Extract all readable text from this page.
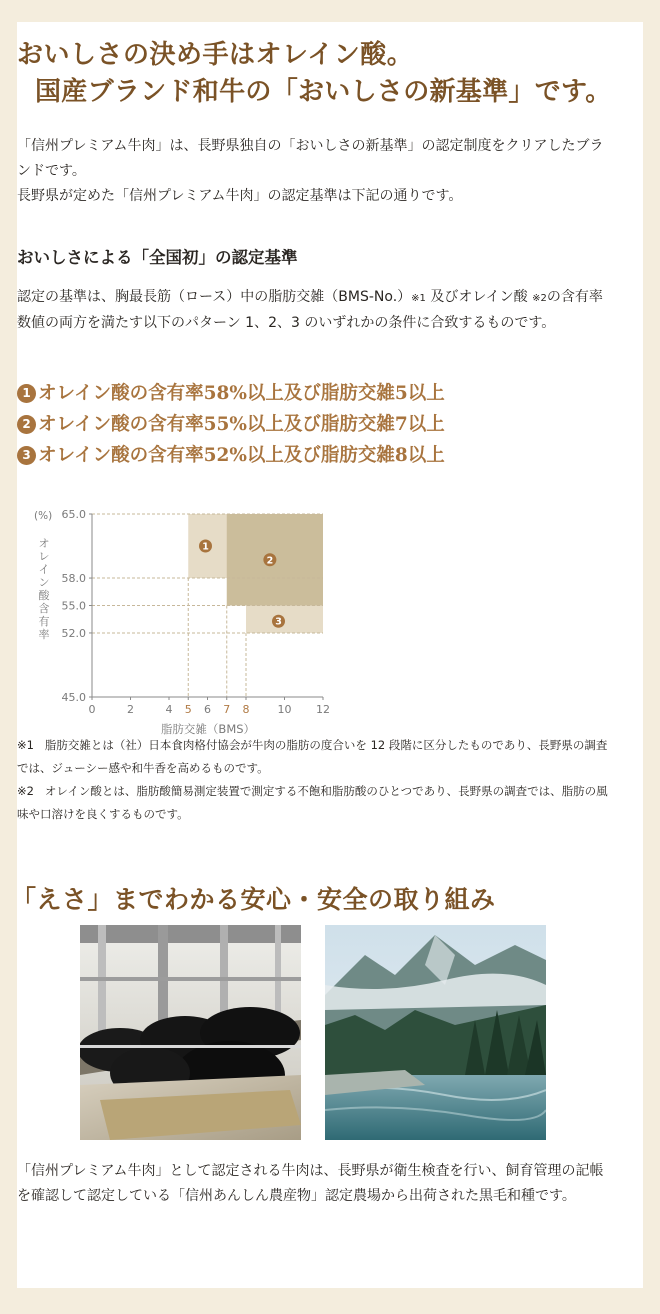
おいしさの決め手はオレイン酸。
国産ブランド和牛の「おいしさの新基準」です。

「信州プレミアム牛肉」は、長野県独自の「おいしさの新基準」の認定制度をクリアしたブランドです。

長野県が定めた「信州プレミアム牛肉」の認定基準は下記の通りです。

おいしさによる「全国初」の認定基準

認定の基準は、胸最長筋（ロース）中の脂肪交雑（BMS-No.）※1 及びオレイン酸 ※2の含有率数値の両方を満たす以下のパターン 1、2、3 のいずれかの条件に合致するものです。

1 オレイン酸の含有率58%以上及び脂肪交雑5以上
2 オレイン酸の含有率55%以上及び脂肪交雑7以上
3 オレイン酸の含有率52%以上及び脂肪交雑8以上
65.0
58.0
55.0
52.0
45.0
0	2	4 5 6 7 8	10 12
(%)
オレイン酸含有率
脂肪交雑（BMS）
1
2
3

※1 脂肪交雑とは（社）日本食肉格付協会が牛肉の脂肪の度合いを 12 段階に区分したものであり、長野県の調査では、ジューシー感や和牛香を高めるものです。

※2 オレイン酸とは、脂肪酸簡易測定装置で測定する不飽和脂肪酸のひとつであり、長野県の調査では、脂肪の風味や口溶けを良くするものです。

「えさ」までわかる安心・安全の取り組み

「信州プレミアム牛肉」として認定される牛肉は、長野県が衛生検査を行い、飼育管理の記帳を確認して認定している「信州あんしん農産物」認定農場から出荷された黒毛和種です。
